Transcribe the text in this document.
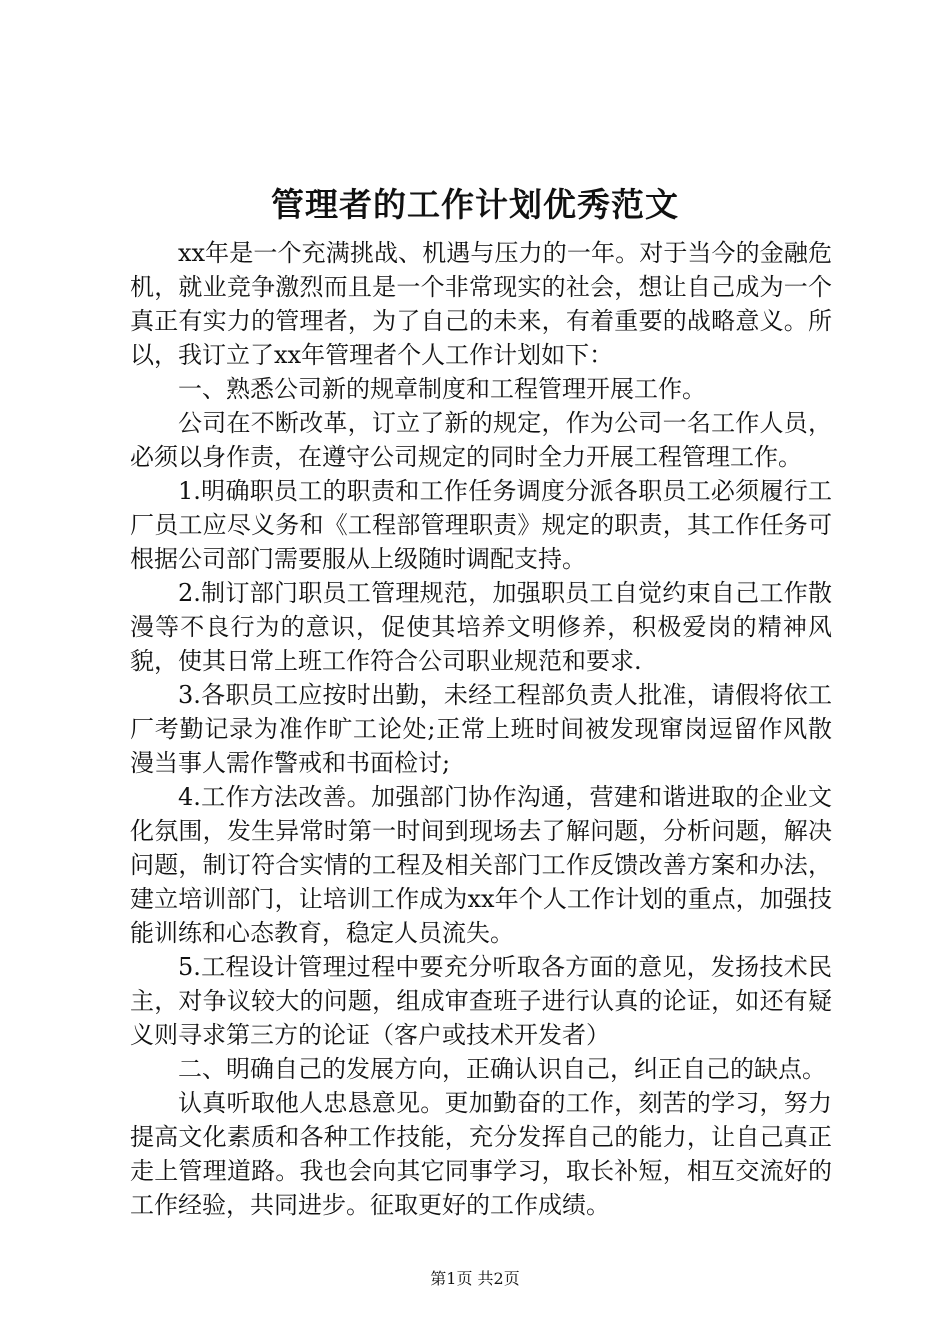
管理者的工作计划优秀范文

xx年是一个充满挑战、机遇与压力的一年。对于当今的金融危机，就业竞争激烈而且是一个非常现实的社会，想让自己成为一个真正有实力的管理者，为了自己的未来，有着重要的战略意义。所以，我订立了xx年管理者个人工作计划如下：

一、熟悉公司新的规章制度和工程管理开展工作。

公司在不断改革，订立了新的规定，作为公司一名工作人员，必须以身作责，在遵守公司规定的同时全力开展工程管理工作。

1.明确职员工的职责和工作任务调度分派各职员工必须履行工厂员工应尽义务和《工程部管理职责》规定的职责，其工作任务可根据公司部门需要服从上级随时调配支持。

2.制订部门职员工管理规范，加强职员工自觉约束自己工作散漫等不良行为的意识，促使其培养文明修养，积极爱岗的精神风貌，使其日常上班工作符合公司职业规范和要求.

3.各职员工应按时出勤，未经工程部负责人批准，请假将依工厂考勤记录为准作旷工论处;正常上班时间被发现窜岗逗留作风散漫当事人需作警戒和书面检讨;

4.工作方法改善。加强部门协作沟通，营建和谐进取的企业文化氛围，发生异常时第一时间到现场去了解问题，分析问题，解决问题，制订符合实情的工程及相关部门工作反馈改善方案和办法，建立培训部门，让培训工作成为xx年个人工作计划的重点，加强技能训练和心态教育，稳定人员流失。

5.工程设计管理过程中要充分听取各方面的意见，发扬技术民主，对争议较大的问题，组成审查班子进行认真的论证，如还有疑义则寻求第三方的论证（客户或技术开发者）

二、明确自己的发展方向，正确认识自己，纠正自己的缺点。

认真听取他人忠恳意见。更加勤奋的工作，刻苦的学习，努力提高文化素质和各种工作技能，充分发挥自己的能力，让自己真正走上管理道路。我也会向其它同事学习，取长补短，相互交流好的工作经验，共同进步。征取更好的工作成绩。

第1页 共2页
